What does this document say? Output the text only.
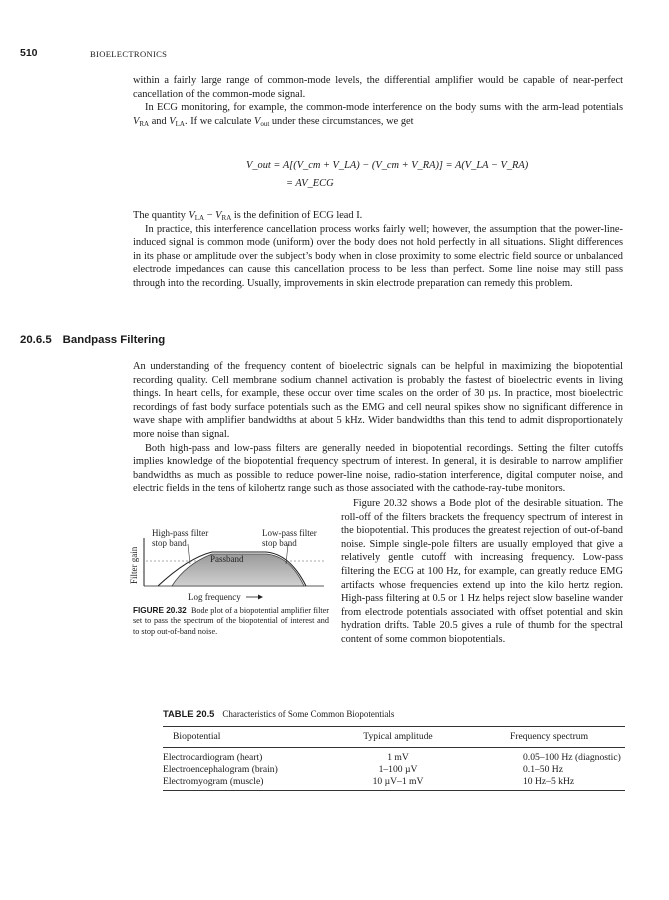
510	BIOELECTRONICS

within a fairly large range of common-mode levels, the differential amplifier would be capable of near-perfect cancellation of the common-mode signal.

In ECG monitoring, for example, the common-mode interference on the body sums with the arm-lead potentials $V_{RA}$ and $V_{LA}$. If we calculate $V_{out}$ under these circumstances, we get

V_out = A[(V_cm + V_LA) − (V_cm + V_RA)] = A(V_LA − V_RA)
= AV_ECG

The quantity $V_{LA} - V_{RA}$ is the definition of ECG lead I.

In practice, this interference cancellation process works fairly well; however, the assumption that the power-line-induced signal is common mode (uniform) over the body does not hold perfectly in all situations. Slight differences in its phase or amplitude over the subject’s body when in close proximity to some electric field source or unbalanced electrode impedances can cause this cancellation process to be less than perfect. Some line noise may still pass through into the recording. Usually, improvements in skin electrode preparation can remedy this problem.

20.6.5 Bandpass Filtering

An understanding of the frequency content of bioelectric signals can be helpful in maximizing the biopotential recording quality. Cell membrane sodium channel activation is probably the fastest of bioelectric events in living things. In heart cells, for example, these occur over time scales on the order of 30 µs. In practice, most bioelectric recordings of fast body surface potentials such as the EMG and cell neural spikes show no significant difference in wave shape with amplifier bandwidths at about 5 kHz. Wider bandwidths than this tend to admit disproportionately more noise than signal.

Both high-pass and low-pass filters are generally needed in biopotential recordings. Setting the filter cutoffs implies knowledge of the biopotential frequency spectrum of interest. In general, it is desirable to narrow amplifier bandwidths as much as possible to reduce power-line noise, radio-station interference, digital computer noise, and electric fields in the tens of kilohertz range such as those associated with the cathode-ray-tube monitors.

Figure 20.32 shows a Bode plot of the desirable situation. The roll-off of the filters brackets the frequency spectrum of interest in the biopotential. This produces the greatest rejection of out-of-band noise. Simple single-pole filters are usually employed that give a relatively gentle cutoff with increasing frequency. Low-pass filtering the ECG at 100 Hz, for example, can greatly reduce EMG artifacts whose frequencies extend up into the kilo hertz region. High-pass filtering at 0.5 or 1 Hz helps reject slow baseline wander from electrode potentials associated with offset potential and skin hydration drifts. Table 20.5 gives a rule of thumb for the spectral content of some common biopotentials.

High-pass filter
stop band
Low-pass filter
stop band
Passband
Filter gain
Log frequency
FIGURE 20.32 Bode plot of a biopotential amplifier filter set to pass the spectrum of the biopotential of interest and to stop out-of-band noise.
TABLE 20.5 Characteristics of Some Common Biopotentials
Biopotential	Typical amplitude	Frequency spectrum
Electrocardiogram (heart)	1 mV	0.05–100 Hz (diagnostic)
Electroencephalogram (brain)	1–100 µV	0.1–50 Hz
Electromyogram (muscle)	10 µV–1 mV	10 Hz–5 kHz
